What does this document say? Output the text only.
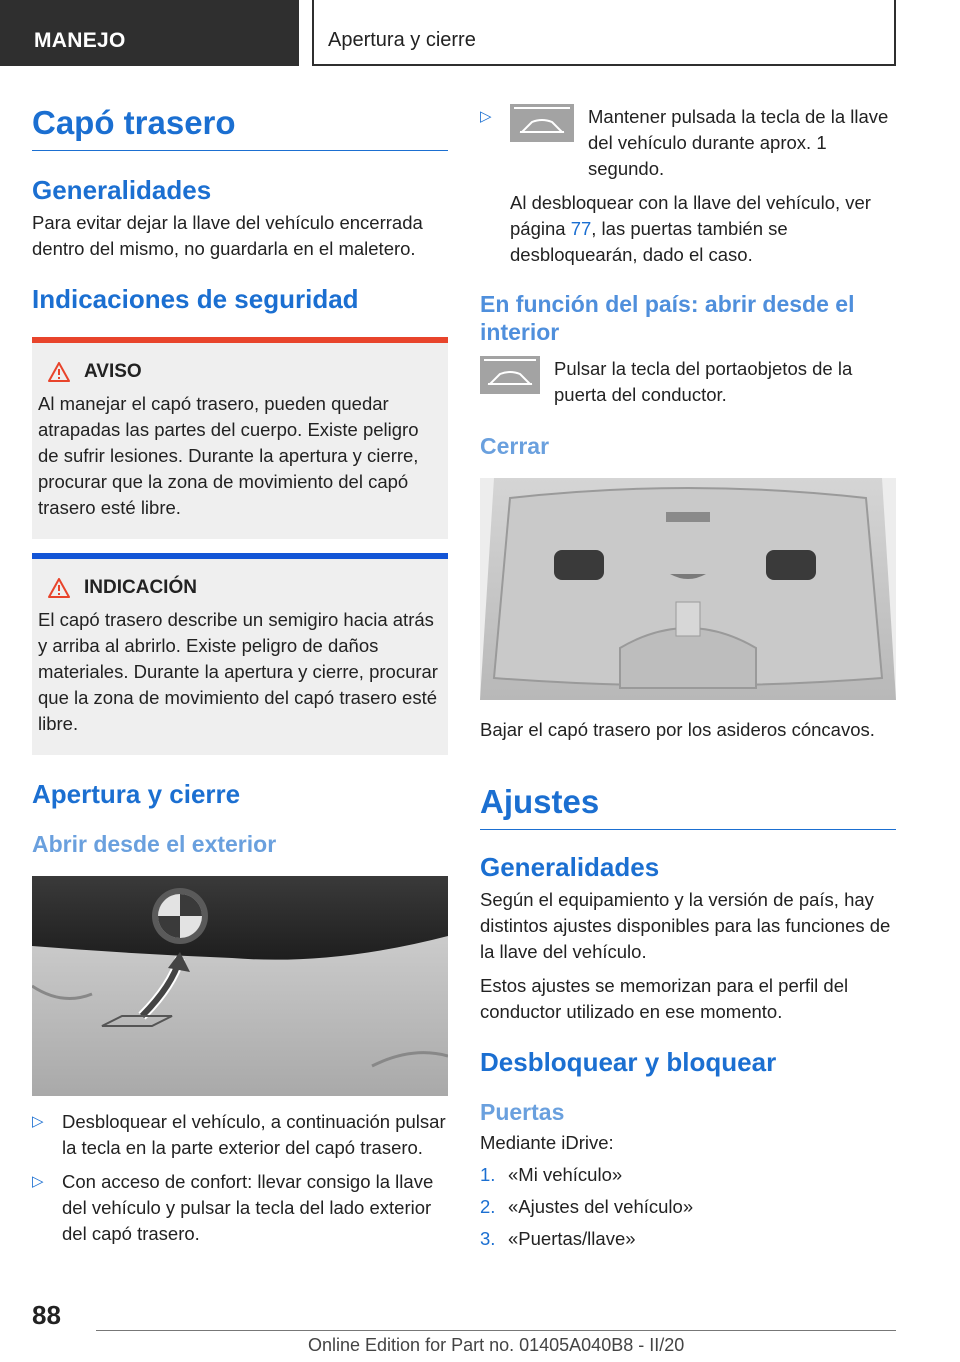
MANEJO	Apertura y cierre
Capó trasero
Generalidades
Para evitar dejar la llave del vehículo encerrada dentro del mismo, no guardarla en el maletero.
Indicaciones de seguridad
AVISO
Al manejar el capó trasero, pueden quedar atrapadas las partes del cuerpo. Existe peligro de sufrir lesiones. Durante la apertura y cierre, procurar que la zona de movimiento del capó trasero esté libre.
INDICACIÓN
El capó trasero describe un semigiro hacia atrás y arriba al abrirlo. Existe peligro de daños materiales. Durante la apertura y cierre, procurar que la zona de movimiento del capó trasero esté libre.
Apertura y cierre
Abrir desde el exterior
▷ Desbloquear el vehículo, a continuación pulsar la tecla en la parte exterior del capó trasero.
▷ Con acceso de confort: llevar consigo la llave del vehículo y pulsar la tecla del lado exterior del capó trasero.
▷	Mantener pulsada la tecla de la llave del vehículo durante aprox. 1 segundo.
Al desbloquear con la llave del vehículo, ver página 77, las puertas también se desbloquearán, dado el caso.
En función del país: abrir desde el interior
Pulsar la tecla del portaobjetos de la puerta del conductor.
Cerrar
Bajar el capó trasero por los asideros cóncavos.
Ajustes
Generalidades
Según el equipamiento y la versión de país, hay distintos ajustes disponibles para las funciones de la llave del vehículo.
Estos ajustes se memorizan para el perfil del conductor utilizado en ese momento.
Desbloquear y bloquear
Puertas
Mediante iDrive:
1. «Mi vehículo»
2. «Ajustes del vehículo»
3. «Puertas/llave»
88
Online Edition for Part no. 01405A040B8 - II/20
